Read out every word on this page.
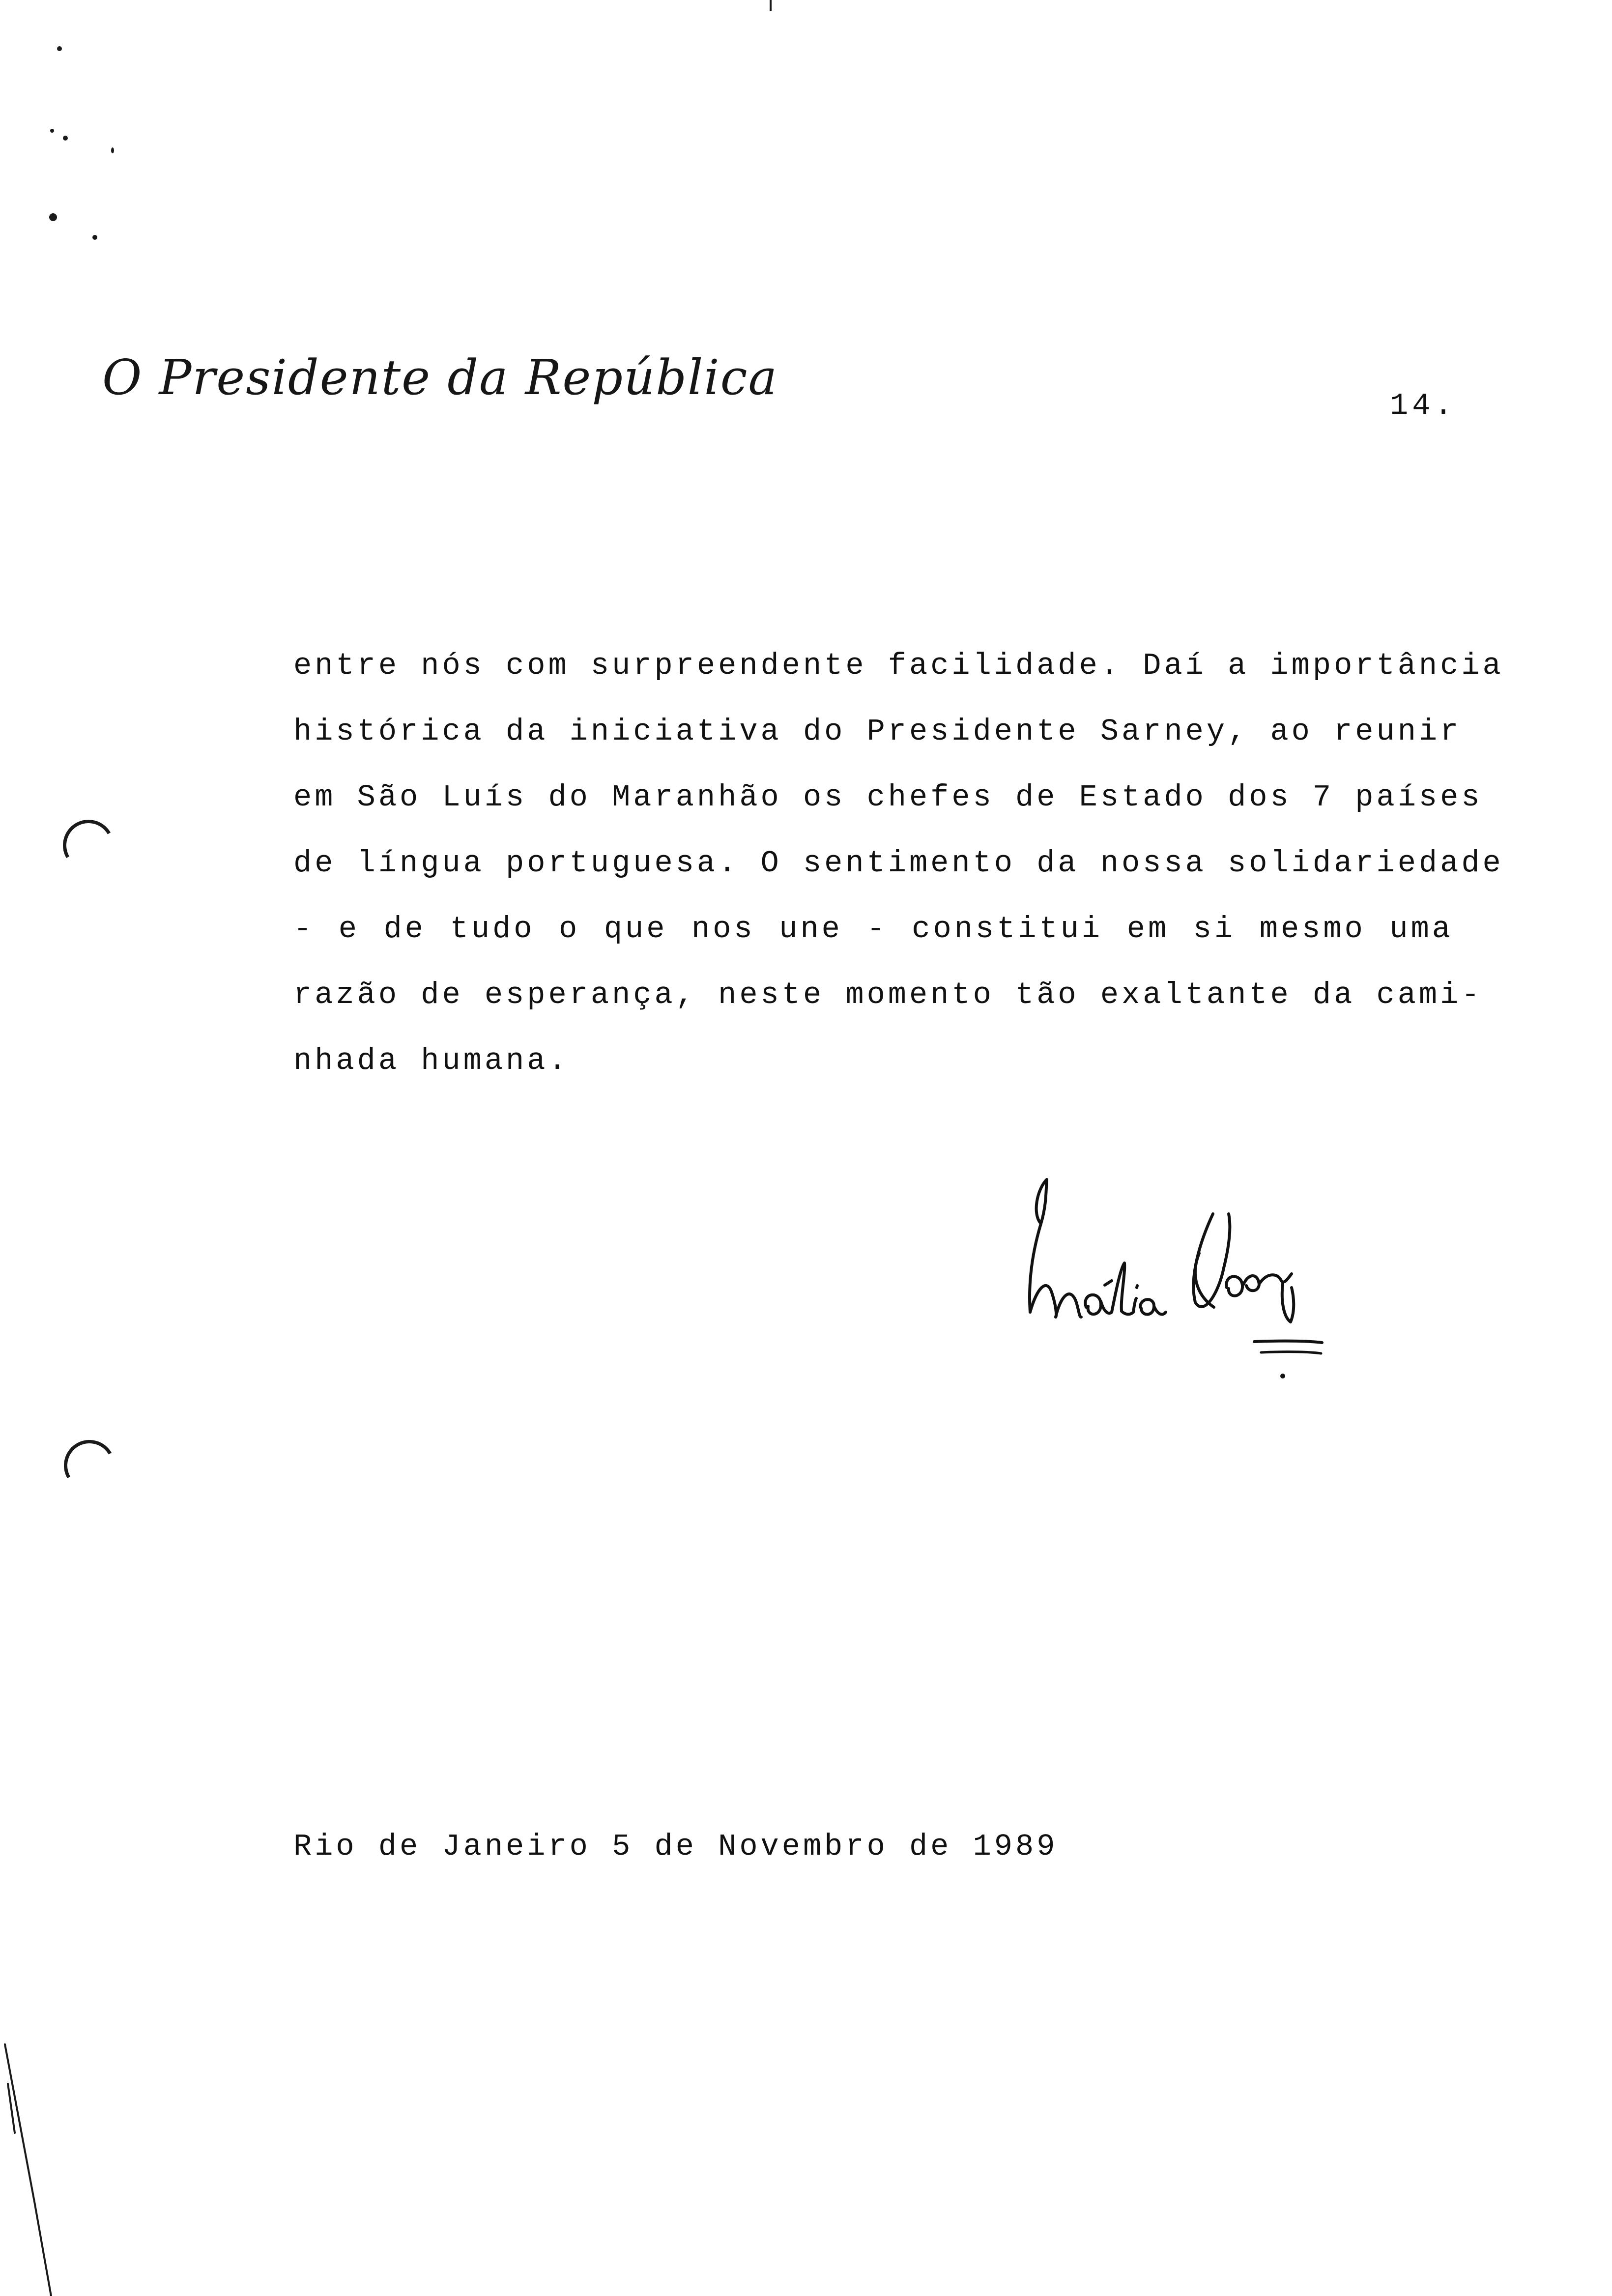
O Presidente da República	14.
entre nós com surpreendente facilidade. Daí a importância
histórica da iniciativa do Presidente Sarney, ao reunir
em São Luís do Maranhão os chefes de Estado dos 7 países
de língua portuguesa. O sentimento da nossa solidariedade
- e de tudo o que nos une - constitui em si mesmo uma
razão de esperança, neste momento tão exaltante da cami-
nhada humana.
Rio de Janeiro 5 de Novembro de 1989
